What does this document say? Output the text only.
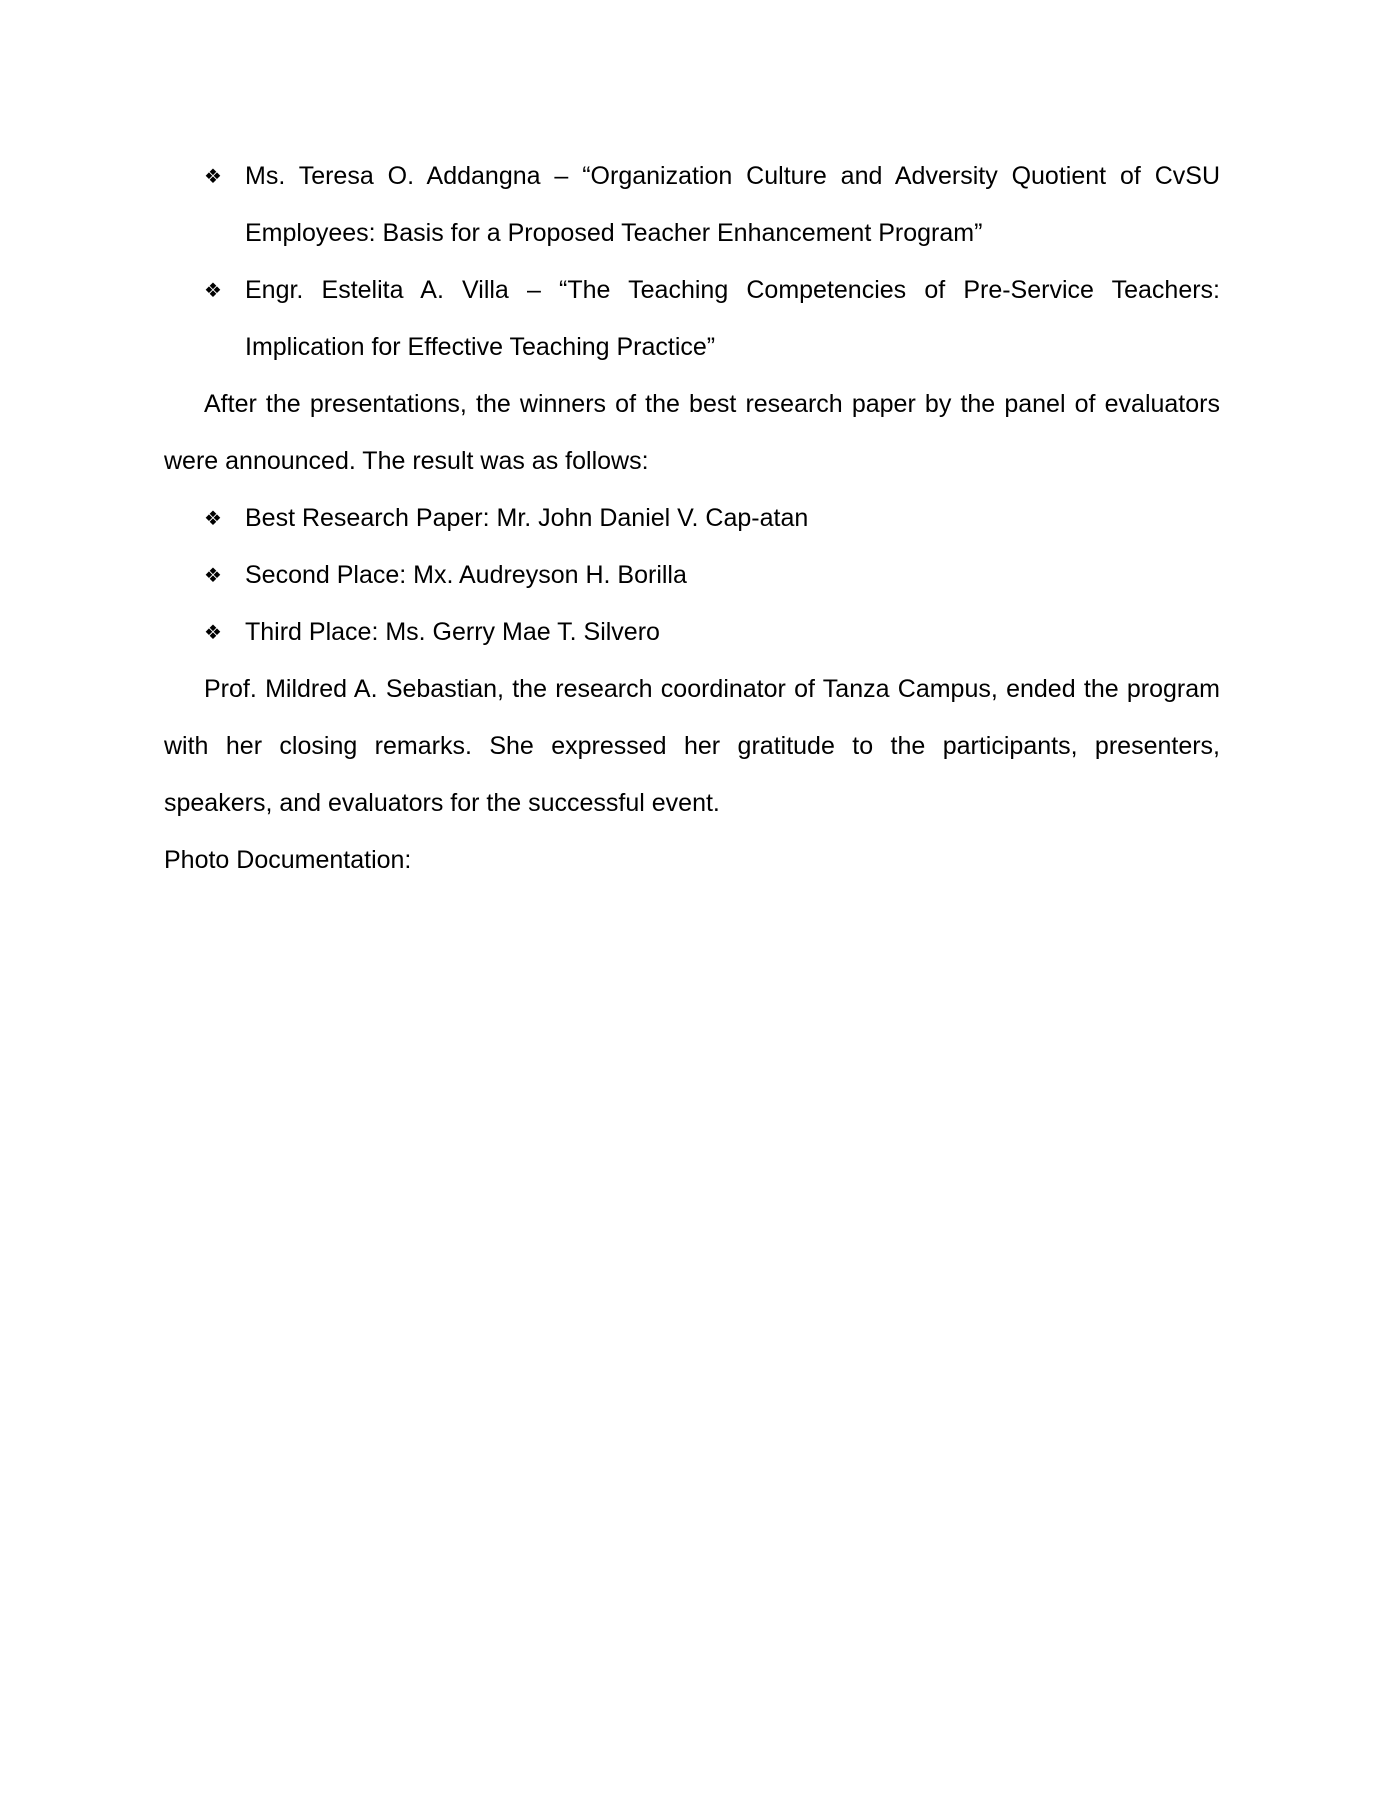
❖ Ms. Teresa O. Addangna – “Organization Culture and Adversity Quotient of CvSU Employees: Basis for a Proposed Teacher Enhancement Program”
❖ Engr. Estelita A. Villa – “The Teaching Competencies of Pre-Service Teachers: Implication for Effective Teaching Practice”

After the presentations, the winners of the best research paper by the panel of evaluators were announced. The result was as follows:

❖ Best Research Paper: Mr. John Daniel V. Cap-atan
❖ Second Place: Mx. Audreyson H. Borilla
❖ Third Place: Ms. Gerry Mae T. Silvero

Prof. Mildred A. Sebastian, the research coordinator of Tanza Campus, ended the program with her closing remarks. She expressed her gratitude to the participants, presenters, speakers, and evaluators for the successful event.

Photo Documentation:
